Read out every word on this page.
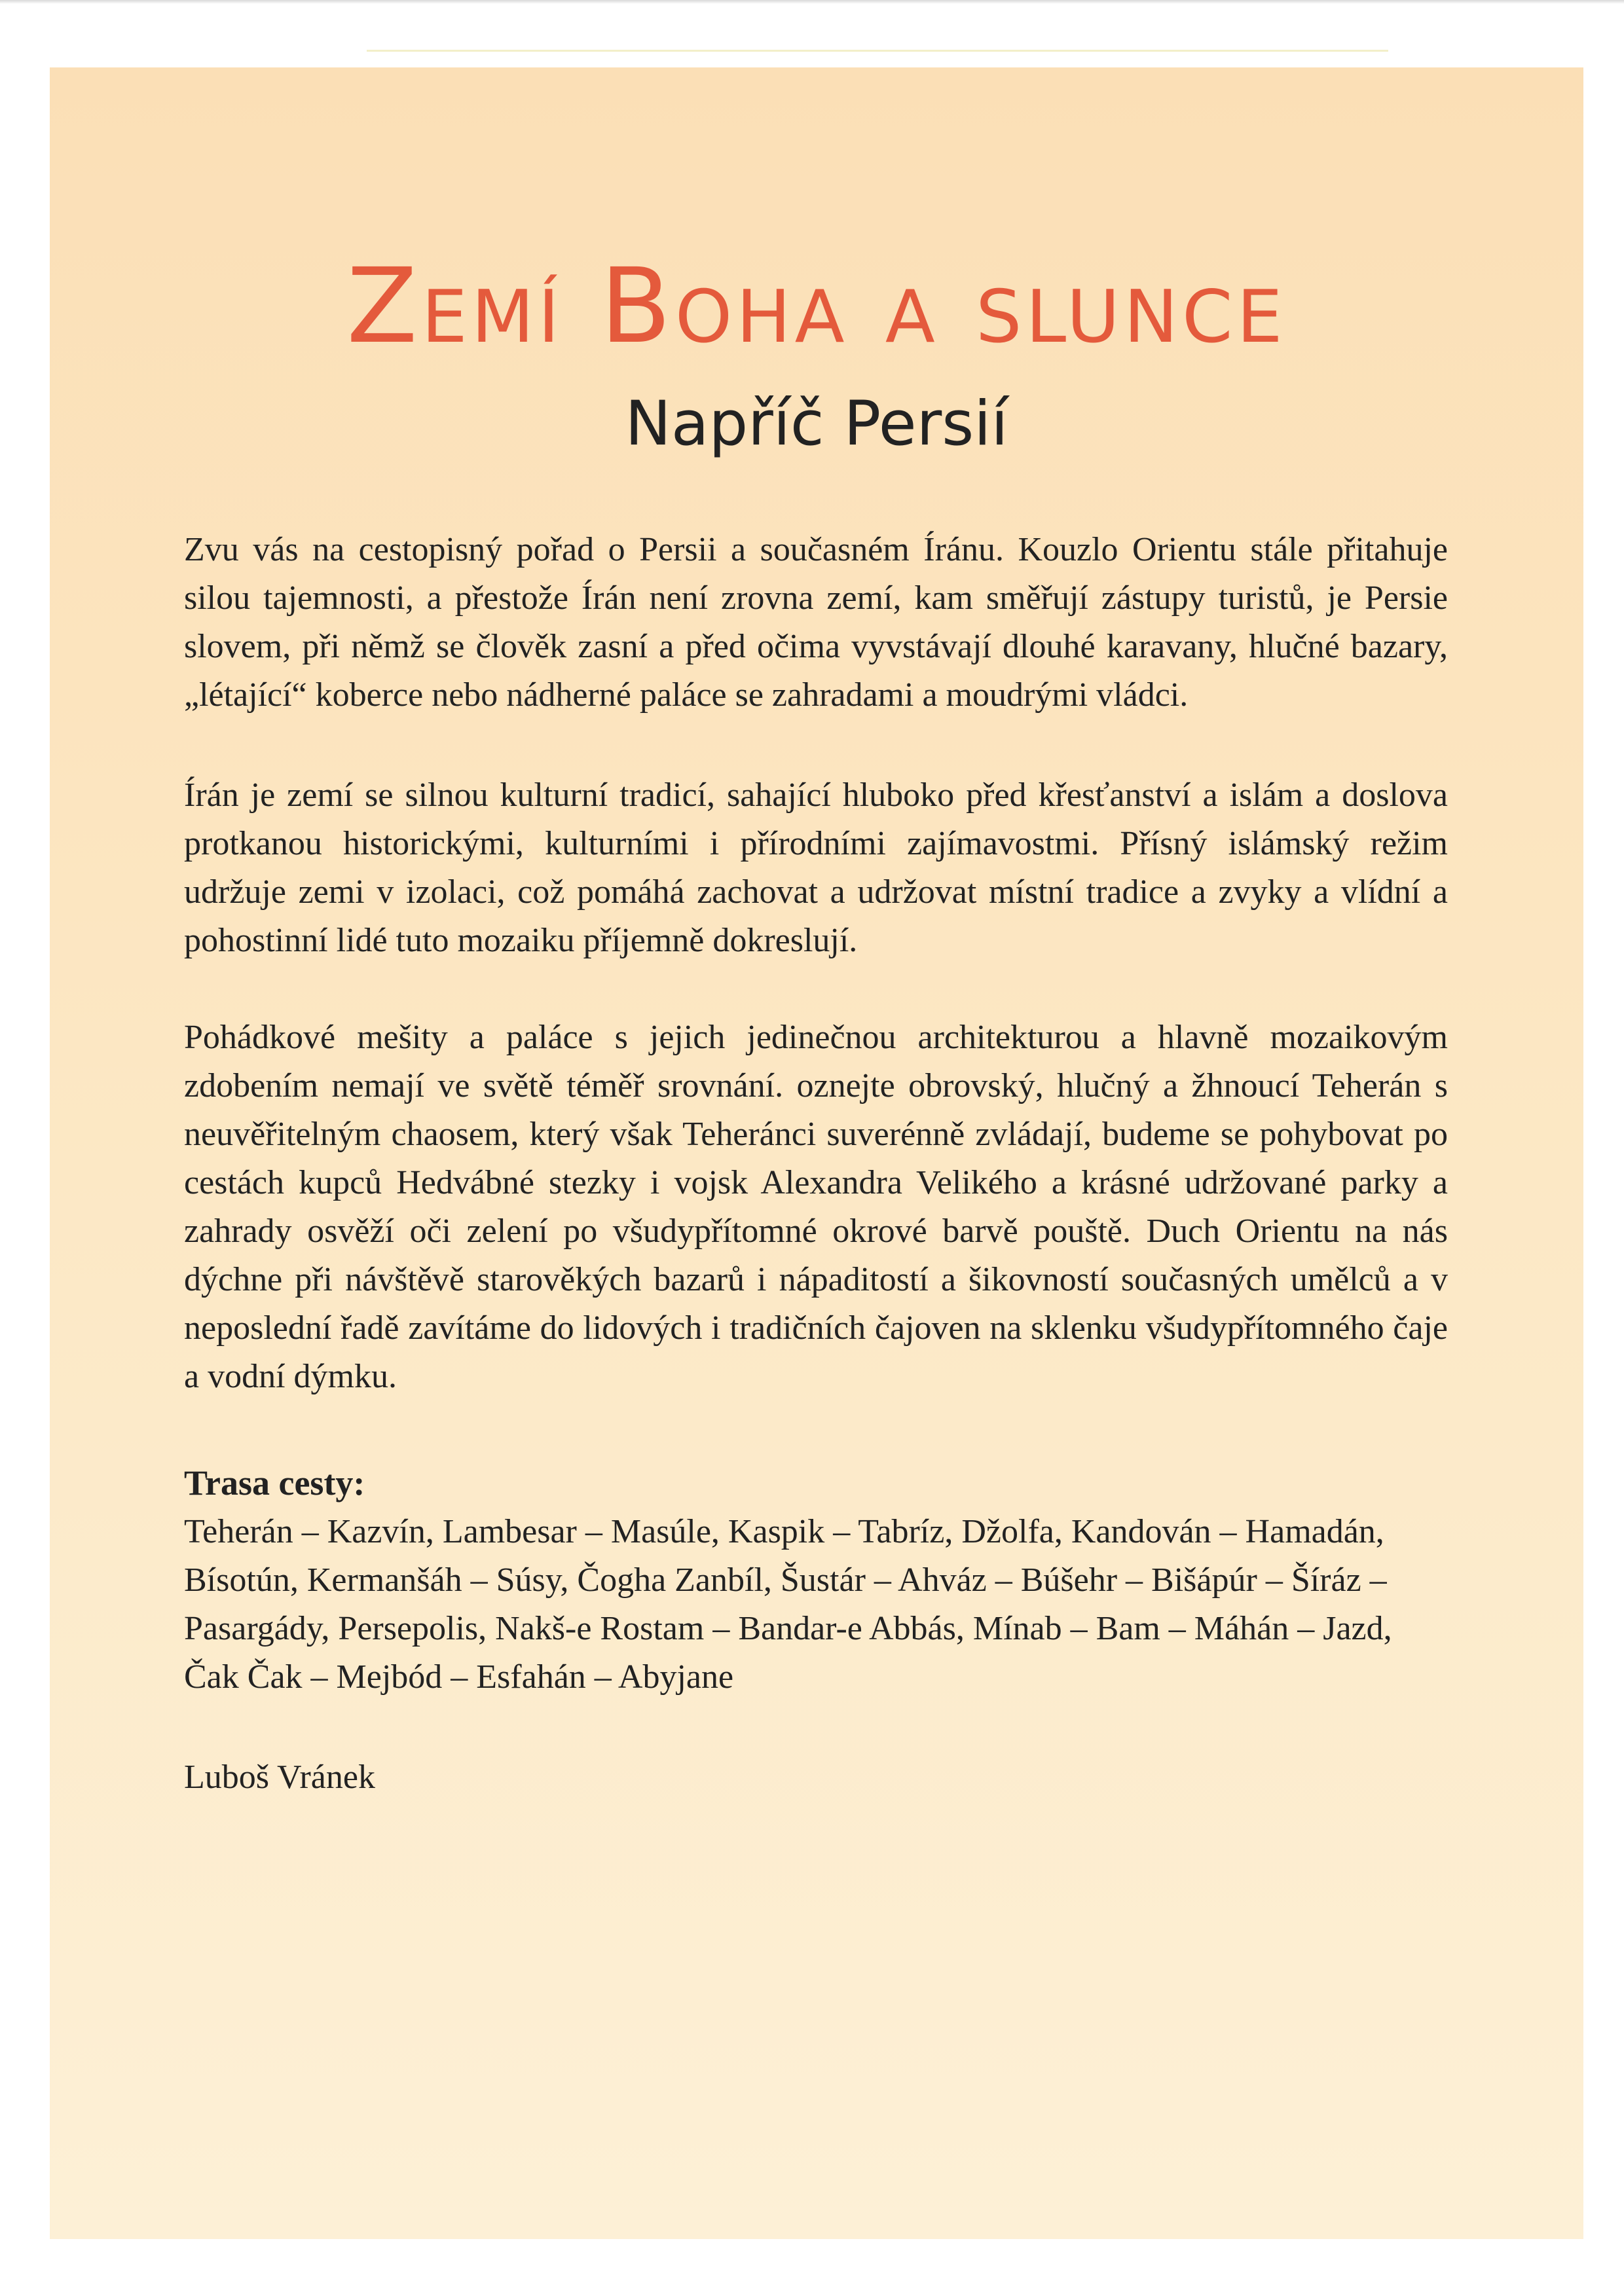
Zemí Boha a slunce
Napříč Persií
Zvu vás na cestopisný pořad o Persii a současném Íránu. Kouzlo Orientu stále přitahuje silou tajemnosti, a přestože Írán není zrovna zemí, kam směřují zástupy turistů, je Persie slovem, při němž se člověk zasní a před očima vyvstávají dlouhé karavany, hlučné bazary, „létající“ koberce nebo nádherné paláce se zahradami a moudrými vládci.
Írán je zemí se silnou kulturní tradicí, sahající hluboko před křesťanství a islám a doslova protkanou historickými, kulturními i přírodními zajímavostmi. Přísný islámský režim udržuje zemi v izolaci, což pomáhá zachovat a udržovat místní tradice a zvyky a vlídní a pohostinní lidé tuto mozaiku příjemně dokreslují.
Pohádkové mešity a paláce s jejich jedinečnou architekturou a hlavně mozaikovým zdobením nemají ve světě téměř srovnání. oznejte obrovský, hlučný a žhnoucí Teherán s neuvěřitelným chaosem, který však Teheránci suverénně zvládají, budeme se pohybovat po cestách kupců Hedvábné stezky i vojsk Alexandra Velikého a krásné udržované parky a zahrady osvěží oči zelení po všudypřítomné okrové barvě pouště. Duch Orientu na nás dýchne při návštěvě starověkých bazarů i nápaditostí a šikovností současných umělců a v neposlední řadě zavítáme do lidových i tradičních čajoven na sklenku všudypřítomného čaje a vodní dýmku.
Trasa cesty:
Teherán – Kazvín, Lambesar – Masúle, Kaspik – Tabríz, Džolfa, Kandován – Hamadán, Bísotún, Kermanšáh – Súsy, Čogha Zanbíl, Šustár – Ahváz – Búšehr – Bišápúr – Šíráz – Pasargády, Persepolis, Nakš-e Rostam – Bandar-e Abbás, Mínab – Bam – Máhán – Jazd, Čak Čak – Mejbód – Esfahán – Abyjane
Luboš Vránek
